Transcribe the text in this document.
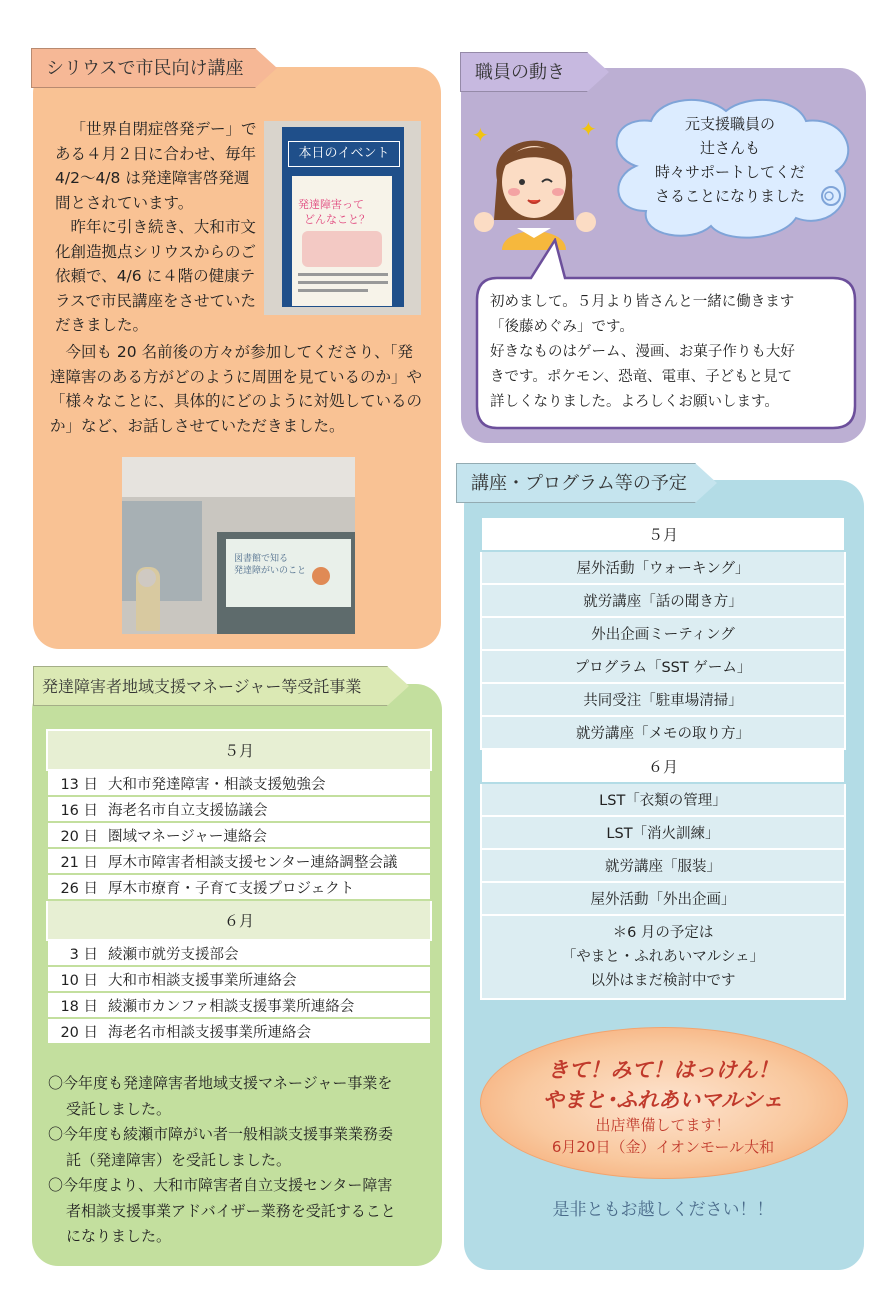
シリウスで市民向け講座
「世界自閉症啓発デー」である４月２日に合わせ、毎年 4/2～4/8 は発達障害啓発週間とされています。
昨年に引き続き、大和市文化創造拠点シリウスからのご依頼で、4/6 に４階の健康テラスで市民講座をさせていただきました。
今回も 20 名前後の方々が参加してくださり、「発達障害のある方がどのように周囲を見ているのか」や「様々なことに、具体的にどのように対処しているのか」など、お話しさせていただきました。
本日のイベント
発達障害って
どんなこと？
図書館で知る
発達障がいのこと
職員の動き
元支援職員の
辻さんも
時々サポートしてくだ
さることになりました
✦	✦
初めまして。５月より皆さんと一緒に働きます
「後藤めぐみ」です。
好きなものはゲーム、漫画、お菓子作りも大好
きです。ポケモン、恐竜、電車、子どもと見て
詳しくなりました。よろしくお願いします。
発達障害者地域支援マネージャー等受託事業
５月
13 日 大和市発達障害・相談支援勉強会
16 日 海老名市自立支援協議会
20 日 圏域マネージャー連絡会
21 日 厚木市障害者相談支援センター連絡調整会議
26 日 厚木市療育・子育て支援プロジェクト
６月
3 日 綾瀬市就労支援部会
10 日 大和市相談支援事業所連絡会
18 日 綾瀬市カンファ相談支援事業所連絡会
20 日 海老名市相談支援事業所連絡会
〇今年度も発達障害者地域支援マネージャー事業を
受託しました。
〇今年度も綾瀬市障がい者一般相談支援事業業務委
託（発達障害）を受託しました。
〇今年度より、大和市障害者自立支援センター障害
者相談支援事業アドバイザー業務を受託すること
になりました。
講座・プログラム等の予定
５月
屋外活動「ウォーキング」
就労講座「話の聞き方」
外出企画ミーティング
プログラム「SST ゲーム」
共同受注「駐車場清掃」
就労講座「メモの取り方」
６月
LST「衣類の管理」
LST「消火訓練」
就労講座「服装」
屋外活動「外出企画」

＊6 月の予定は
「やまと・ふれあいマルシェ」
以外はまだ検討中です
きて！みて！はっけん！
やまと･ふれあいマルシェ
出店準備してます！
6月20日（金）イオンモール大和
是非ともお越しください！！
